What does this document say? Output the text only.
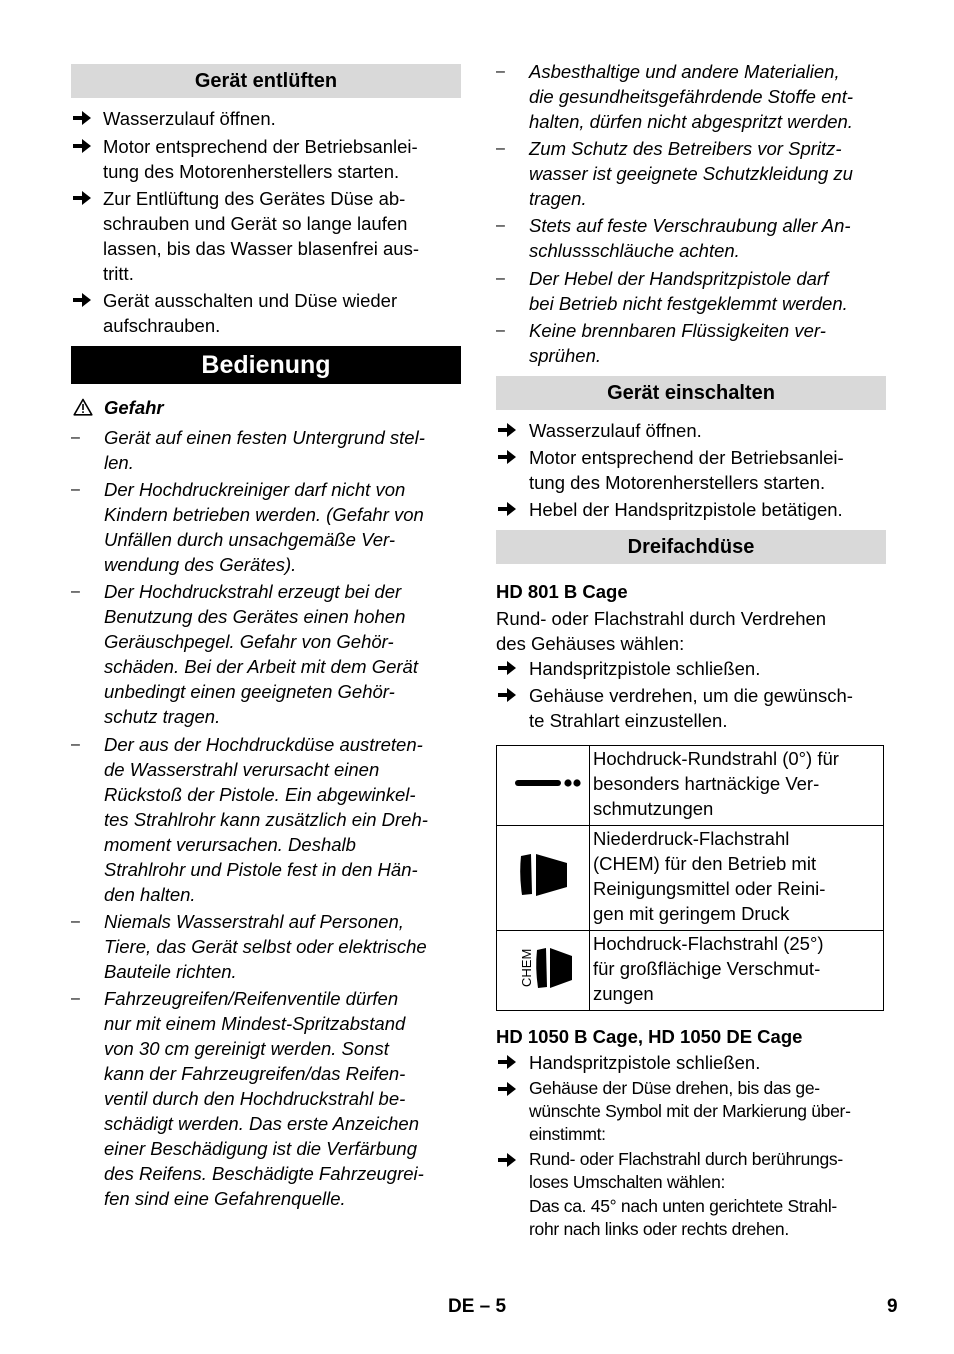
Gerät entlüften
Wasserzulauf öffnen.
Motor entsprechend der Betriebsanlei-
tung des Motorenherstellers starten.
Zur Entlüftung des Gerätes Düse ab-
schrauben und Gerät so lange laufen
lassen, bis das Wasser blasenfrei aus-
tritt.
Gerät ausschalten und Düse wieder
aufschrauben.
Bedienung
Gefahr
– Gerät auf einen festen Untergrund stel-
len.
– Der Hochdruckreiniger darf nicht von
Kindern betrieben werden. (Gefahr von
Unfällen durch unsachgemäße Ver-
wendung des Gerätes).
– Der Hochdruckstrahl erzeugt bei der
Benutzung des Gerätes einen hohen
Geräuschpegel. Gefahr von Gehör-
schäden. Bei der Arbeit mit dem Gerät
unbedingt einen geeigneten Gehör-
schutz tragen.
– Der aus der Hochdruckdüse austreten-
de Wasserstrahl verursacht einen
Rückstoß der Pistole. Ein abgewinkel-
tes Strahlrohr kann zusätzlich ein Dreh-
moment verursachen. Deshalb
Strahlrohr und Pistole fest in den Hän-
den halten.
– Niemals Wasserstrahl auf Personen,
Tiere, das Gerät selbst oder elektrische
Bauteile richten.
– Fahrzeugreifen/Reifenventile dürfen
nur mit einem Mindest-Spritzabstand
von 30 cm gereinigt werden. Sonst
kann der Fahrzeugreifen/das Reifen-
ventil durch den Hochdruckstrahl be-
schädigt werden. Das erste Anzeichen
einer Beschädigung ist die Verfärbung
des Reifens. Beschädigte Fahrzeugrei-
fen sind eine Gefahrenquelle.
– Asbesthaltige und andere Materialien,
die gesundheitsgefährdende Stoffe ent-
halten, dürfen nicht abgespritzt werden.
– Zum Schutz des Betreibers vor Spritz-
wasser ist geeignete Schutzkleidung zu
tragen.
– Stets auf feste Verschraubung aller An-
schlussschläuche achten.
– Der Hebel der Handspritzpistole darf
bei Betrieb nicht festgeklemmt werden.
– Keine brennbaren Flüssigkeiten ver-
sprühen.
Gerät einschalten
Wasserzulauf öffnen.
Motor entsprechend der Betriebsanlei-
tung des Motorenherstellers starten.
Hebel der Handspritzpistole betätigen.
Dreifachdüse
HD 801 B Cage
Rund- oder Flachstrahl durch Verdrehen
des Gehäuses wählen:
Handspritzpistole schließen.
Gehäuse verdrehen, um die gewünsch-
te Strahlart einzustellen.

Hochdruck-Rundstrahl (0°) für
besonders hartnäckige Ver-
schmutzungen

Niederdruck-Flachstrahl
(CHEM) für den Betrieb mit
Reinigungsmittel oder Reini-
gen mit geringem Druck

CHEM	Hochdruck-Flachstrahl (25°)
für großflächige Verschmut-
zungen
HD 1050 B Cage, HD 1050 DE Cage
Handspritzpistole schließen.
Gehäuse der Düse drehen, bis das ge-
wünschte Symbol mit der Markierung über-
einstimmt:
Rund- oder Flachstrahl durch berührungs-
loses Umschalten wählen:
Das ca. 45° nach unten gerichtete Strahl-
rohr nach links oder rechts drehen.
DE – 5	9
